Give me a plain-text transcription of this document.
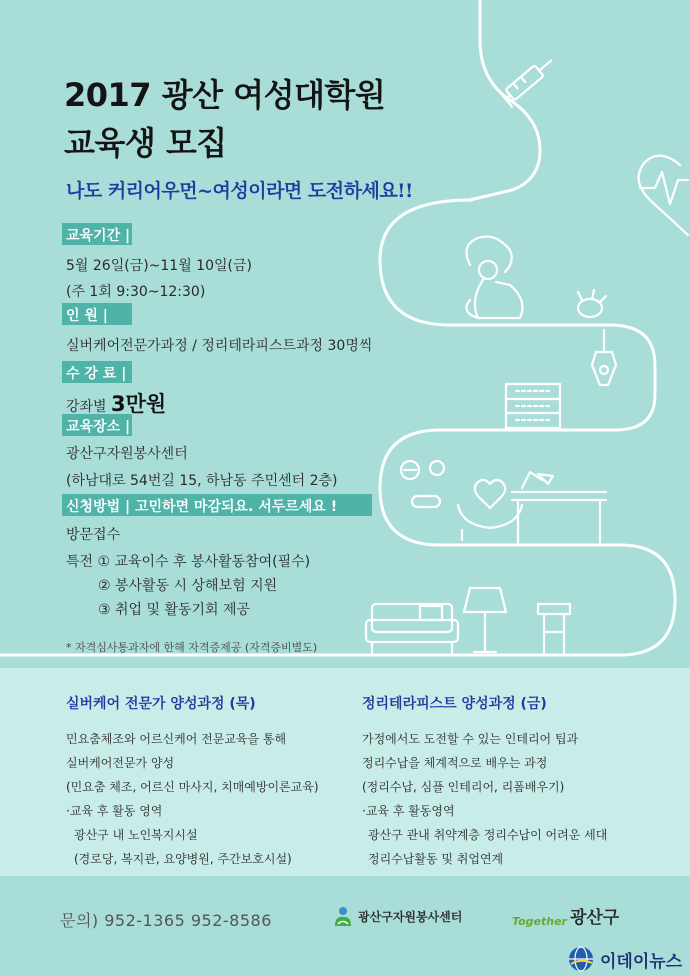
2017 광산 여성대학원
교육생 모집
나도 커리어우먼~여성이라면 도전하세요!!
교육기간 |
5월 26일(금)~11월 10일(금)
(주 1회 9:30~12:30)
인 원 |
실버케어전문가과정 / 정리테라피스트과정 30명씩
수 강 료 |
강좌별 3만원
교육장소 |
광산구자원봉사센터
(하남대로 54번길 15, 하남동 주민센터 2층)
신청방법 | 고민하면 마감되요. 서두르세요 !
방문접수
특전 ① 교육이수 후 봉사활동참여(필수)
② 봉사활동 시 상해보험 지원
③ 취업 및 활동기회 제공
* 자격심사통과자에 한해 자격증제공 (자격증비별도)
실버케어 전문가 양성과정 (목)
민요춤체조와 어르신케어 전문교육을 통해
실버케어전문가 양성
(민요춤 체조, 어르신 마사지, 치매예방이론교육)
·교육 후 활동 영역
광산구 내 노인복지시설
(경로당, 복지관, 요양병원, 주간보호시설)
정리테라피스트 양성과정 (금)
가정에서도 도전할 수 있는 인테리어 팁과
정리수납을 체계적으로 배우는 과정
(정리수납, 심플 인테리어, 리폼배우기)
·교육 후 활동영역
광산구 관내 취약계층 정리수납이 어려운 세대
정리수납활동 및 취업연계
문의) 952-1365 952-8586	광산구자원봉사센터	Together 광산구
이데이뉴스
